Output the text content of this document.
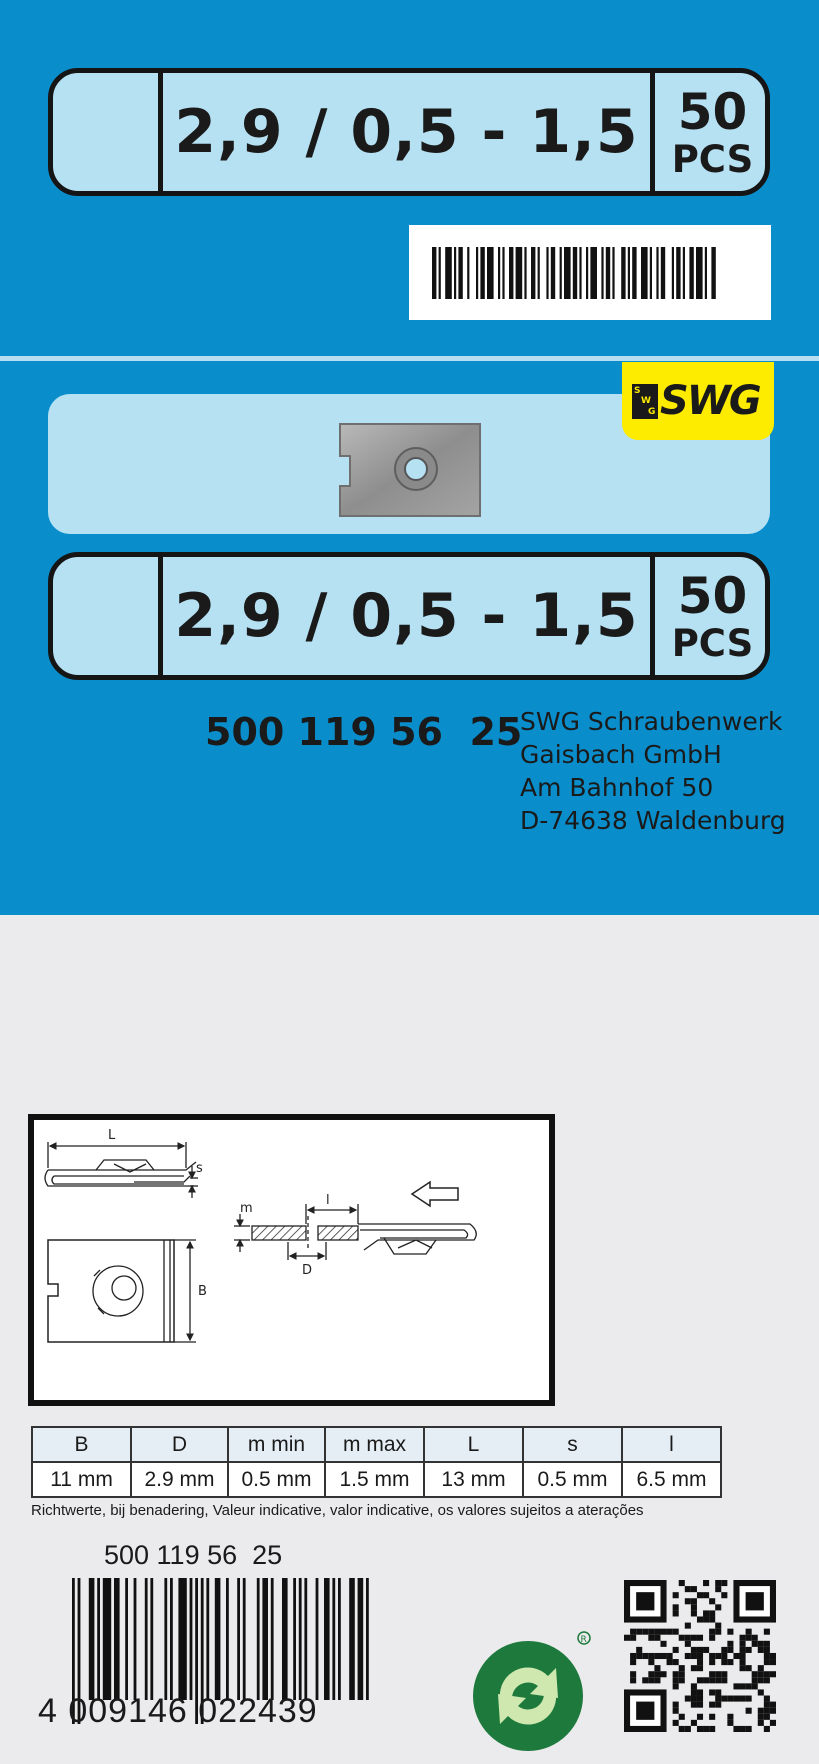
2,9 / 0,5 - 1,5 50
PCS
S
W
G SWG
2,9 / 0,5 - 1,5 50
PCS
500 119 56  25
SWG Schraubenwerk
Gaisbach GmbH
Am Bahnhof 50
D-74638 Waldenburg
L
s
B
m
l
D
B	D	m min	m max	L	s	l
11 mm	2.9 mm	0.5 mm	1.5 mm	13 mm	0.5 mm	6.5 mm
Richtwerte, bij benadering, Valeur indicative, valor indicative, os valores sujeitos a aterações
500 119 56  25
4 009146 022439
R
